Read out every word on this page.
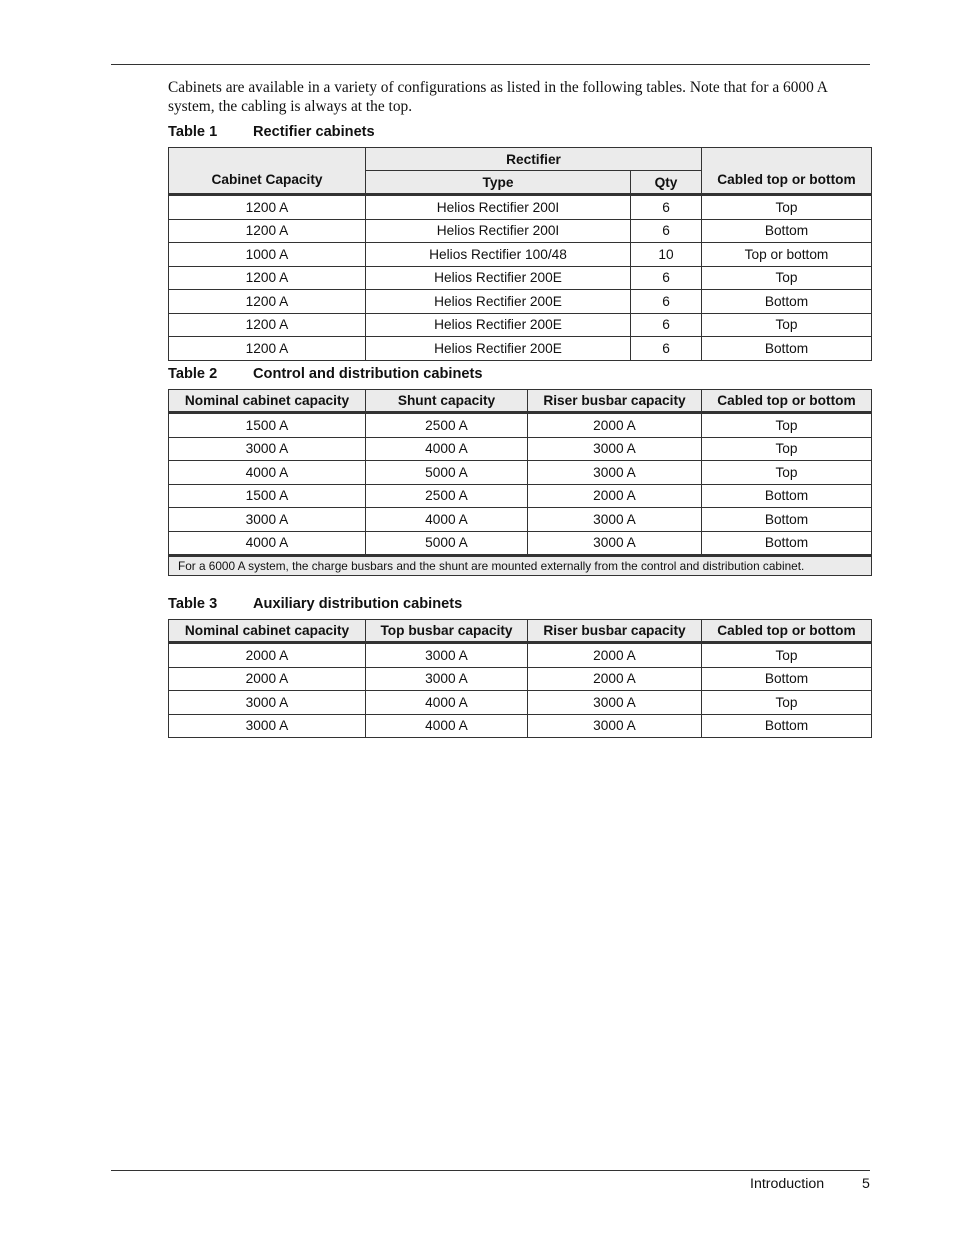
Cabinets are available in a variety of configurations as listed in the following tables. Note that for a 6000 A system, the cabling is always at the top.

Table 1 Rectifier cabinets

Cabinet Capacity	Rectifier		Cabled top or bottom
	Type	Qty	
1200 A	Helios Rectifier 200I	6	Top
1200 A	Helios Rectifier 200I	6	Bottom
1000 A	Helios Rectifier 100/48	10	Top or bottom
1200 A	Helios Rectifier 200E	6	Top
1200 A	Helios Rectifier 200E	6	Bottom
1200 A	Helios Rectifier 200E	6	Top
1200 A	Helios Rectifier 200E	6	Bottom

Table 2 Control and distribution cabinets

Nominal cabinet capacity	Shunt capacity	Riser busbar capacity	Cabled top or bottom
1500 A	2500 A	2000 A	Top
3000 A	4000 A	3000 A	Top
4000 A	5000 A	3000 A	Top
1500 A	2500 A	2000 A	Bottom
3000 A	4000 A	3000 A	Bottom
4000 A	5000 A	3000 A	Bottom
For a 6000 A system, the charge busbars and the shunt are mounted externally from the control and distribution cabinet.			

Table 3 Auxiliary distribution cabinets

Nominal cabinet capacity	Top busbar capacity	Riser busbar capacity	Cabled top or bottom
2000 A	3000 A	2000 A	Top
2000 A	3000 A	2000 A	Bottom
3000 A	4000 A	3000 A	Top
3000 A	4000 A	3000 A	Bottom
Introduction	5
